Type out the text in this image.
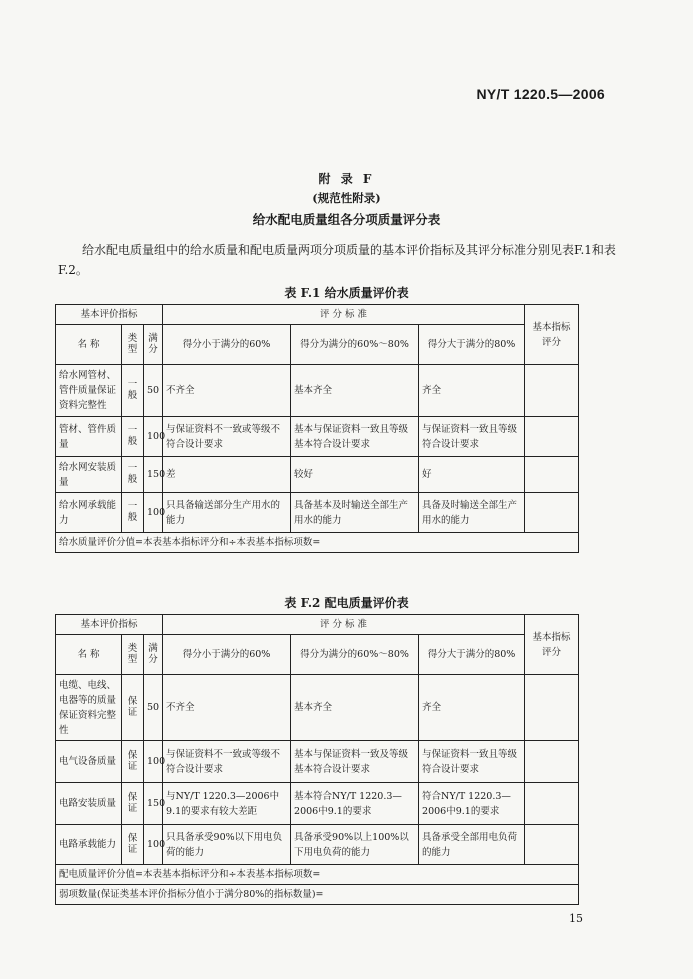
NY/T 1220.5—2006
附 录 F
(规范性附录)
给水配电质量组各分项质量评分表
给水配电质量组中的给水质量和配电质量两项分项质量的基本评价指标及其评分标准分别见表F.1和表F.2。
表 F.1 给水质量评价表
基本评价指标			评 分 标 准			基本指标评分
名 称	类型	满分	得分小于满分的60%	得分为满分的60%～80%	得分大于满分的80%	
给水网管材、管件质量保证资料完整性	一般	50	不齐全	基本齐全	齐全	
管材、管件质量	一般	100	与保证资料不一致或等级不符合设计要求	基本与保证资料一致且等级基本符合设计要求	与保证资料一致且等级符合设计要求	
给水网安装质量	一般	150	差	较好	好	
给水网承载能力	一般	100	只具备输送部分生产用水的能力	具备基本及时输送全部生产用水的能力	具备及时输送全部生产用水的能力	
给水质量评价分值=本表基本指标评分和÷本表基本指标项数=						
表 F.2 配电质量评价表
基本评价指标			评 分 标 准			基本指标评分
名 称	类型	满分	得分小于满分的60%	得分为满分的60%～80%	得分大于满分的80%	
电缆、电线、电器等的质量保证资料完整性	保证	50	不齐全	基本齐全	齐全	
电气设备质量	保证	100	与保证资料不一致或等级不符合设计要求	基本与保证资料一致及等级基本符合设计要求	与保证资料一致且等级符合设计要求	
电路安装质量	保证	150	与NY/T 1220.3—2006中9.1的要求有较大差距	基本符合NY/T 1220.3—2006中9.1的要求	符合NY/T 1220.3—2006中9.1的要求	
电路承载能力	保证	100	只具备承受90%以下用电负荷的能力	具备承受90%以上100%以下用电负荷的能力	具备承受全部用电负荷的能力	
配电质量评价分值=本表基本指标评分和÷本表基本指标项数=						
弱项数量(保证类基本评价指标分值小于满分80%的指标数量)=						
15
